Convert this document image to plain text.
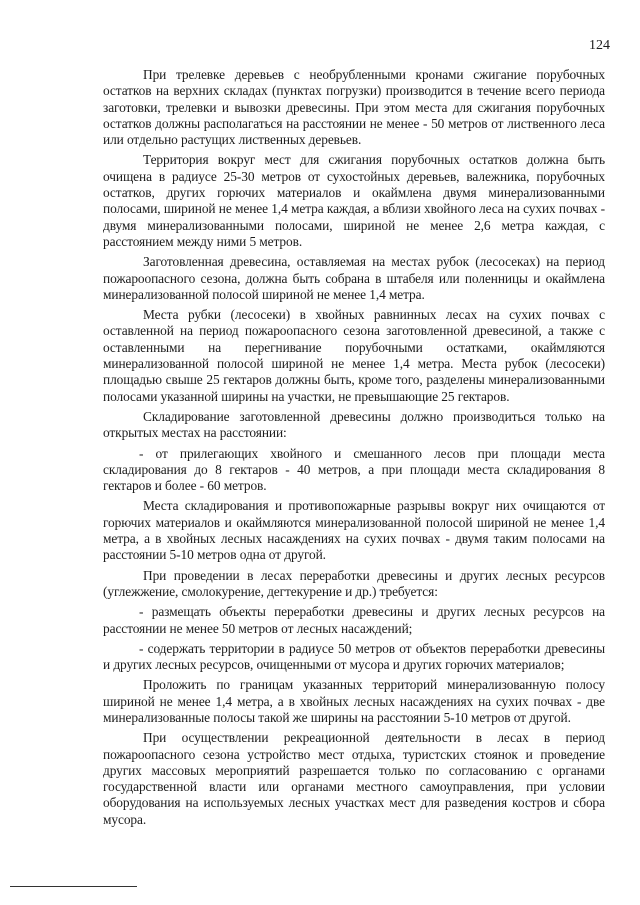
124

При трелевке деревьев с необрубленными кронами сжигание порубочных остатков на верхних складах (пунктах погрузки) производится в течение всего периода заготовки, трелевки и вывозки древесины. При этом места для сжигания порубочных остатков должны располагаться на расстоянии не менее - 50 метров от лиственного леса или отдельно растущих лиственных деревьев.

Территория вокруг мест для сжигания порубочных остатков должна быть очищена в радиусе 25-30 метров от сухостойных деревьев, валежника, порубочных остатков, других горючих материалов и окаймлена двумя минерализованными полосами, шириной не менее 1,4 метра каждая, а вблизи хвойного леса на сухих почвах - двумя минерализованными полосами, шириной не менее 2,6 метра каждая, с расстоянием между ними 5 метров.

Заготовленная древесина, оставляемая на местах рубок (лесосеках) на период пожароопасного сезона, должна быть собрана в штабеля или поленницы и окаймлена минерализованной полосой шириной не менее 1,4 метра.

Места рубки (лесосеки) в хвойных равнинных лесах на сухих почвах с оставленной на период пожароопасного сезона заготовленной древесиной, а также с оставленными на перегнивание порубочными остатками, окаймляются минерализованной полосой шириной не менее 1,4 метра. Места рубок (лесосеки) площадью свыше 25 гектаров должны быть, кроме того, разделены минерализованными полосами указанной ширины на участки, не превышающие 25 гектаров.

Складирование заготовленной древесины должно производиться только на открытых местах на расстоянии:

- от прилегающих хвойного и смешанного лесов при площади места складирования до 8 гектаров - 40 метров, а при площади места складирования 8 гектаров и более - 60 метров.

Места складирования и противопожарные разрывы вокруг них очищаются от горючих материалов и окаймляются минерализованной полосой шириной не менее 1,4 метра, а в хвойных лесных насаждениях на сухих почвах - двумя таким полосами на расстоянии 5-10 метров одна от другой.

При проведении в лесах переработки древесины и других лесных ресурсов (углежжение, смолокурение, дегтекурение и др.) требуется:

- размещать объекты переработки древесины и других лесных ресурсов на расстоянии не менее 50 метров от лесных насаждений;

- содержать территории в радиусе 50 метров от объектов переработки древесины и других лесных ресурсов, очищенными от мусора и других горючих материалов;

Проложить по границам указанных территорий минерализованную полосу шириной не менее 1,4 метра, а в хвойных лесных насаждениях на сухих почвах - две минерализованные полосы такой же ширины на расстоянии 5-10 метров от другой.

При осуществлении рекреационной деятельности в лесах в период пожароопасного сезона устройство мест отдыха, туристских стоянок и проведение других массовых мероприятий разрешается только по согласованию с органами государственной власти или органами местного самоуправления, при условии оборудования на используемых лесных участках мест для разведения костров и сбора мусора.
